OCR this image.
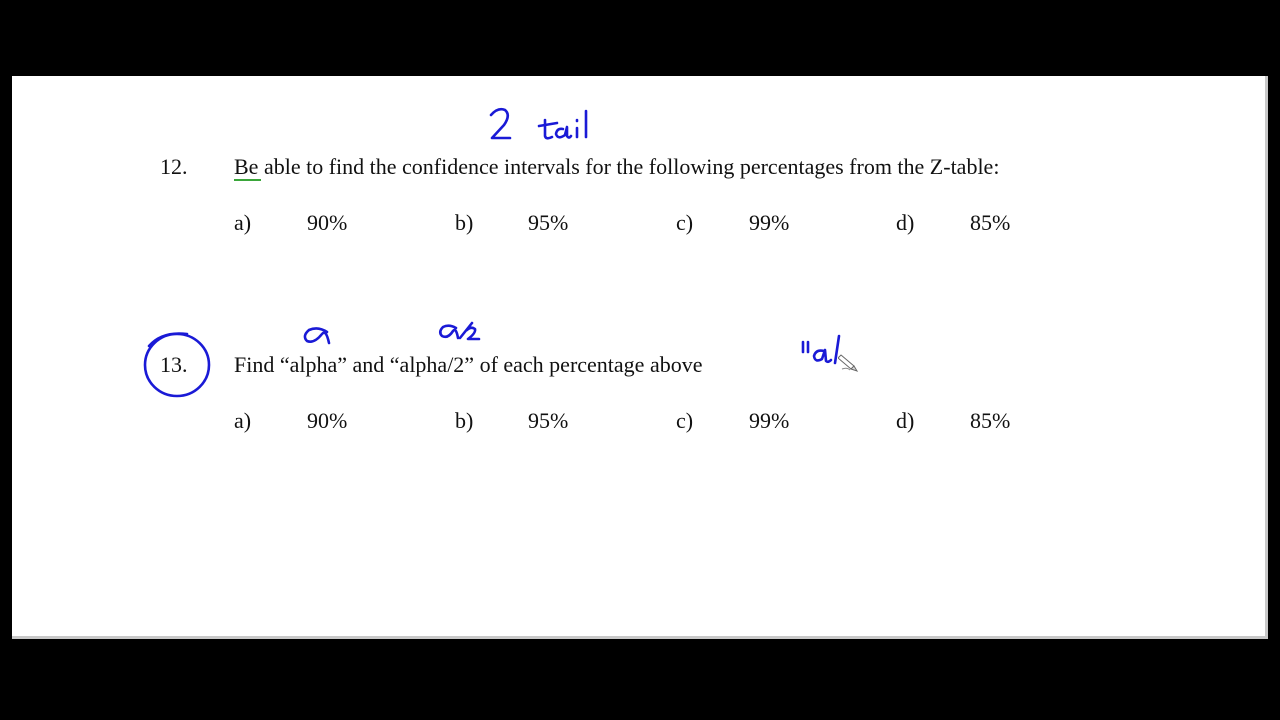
12. Be able to find the confidence intervals for the following percentages from the Z-table:
a)	90%	b) 95%	c)	99%	d)	85%
13. Find “alpha” and “alpha/2” of each percentage above
a)	90%	b) 95%	c)	99%	d)	85%
